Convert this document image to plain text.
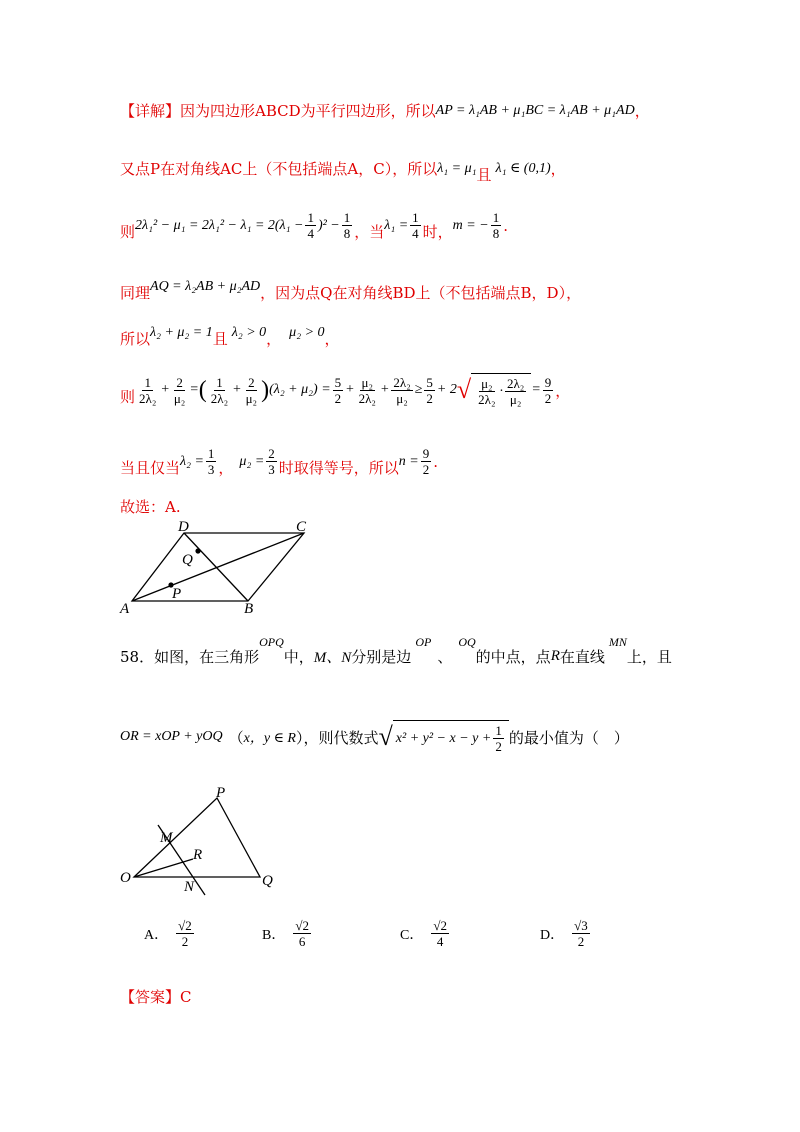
【详解】 因为四边形ABCD为平行四边形，所以 AP = λ₁AB + μ₁BC = λ₁AB + μ₁AD ，
又点P在对角线AC上（不包括端点A，C），所以 λ₁ = μ₁ 且 λ₁ ∈ (0,1) ，
则 $2\lambda_1^2 - \mu_1 = 2\lambda_1^2 - \lambda_1 = 2(\lambda_1 - \frac{1}{4} )^2 - \frac{1}{8}$ ，当 $\lambda_1 = \frac{1}{4}$ 时， m = − $\frac{1}{8}$ .
同理 AQ = λ₂AB + μ₂AD ，因为点Q在对角线BD上（不包括端点B，D），
所以 λ₂ + μ₂ = 1 且 λ₂ > 0 ， μ₂ > 0 ，
则 $\frac{1}{\text{2λ₂}} + \frac{2}{\text{μ₂}}$ = ( $\frac{1}{\text{2λ₂}} + \frac{2}{\text{μ₂}}$ ) $(\lambda_2 + \mu_2) = \frac{5}{2} + \frac{\text{μ₂}}{\text{2λ₂}} + \frac{\text{2λ₂}}{\text{μ₂}} \ge \frac{5}{2} + 2$ √ $\frac{\text{μ₂}}{\text{2λ₂}} \cdot \frac{\text{2λ₂}}{\text{μ₂}} = \frac{9}{2}$ ，
当且仅当 $\lambda_2 = \frac{1}{3}$ ， $\mu_2 = \frac{2}{3}$ 时取得等号，所以 $n = \frac{9}{2}$ .
故选：A.
A	B
C
D
P
Q
58．如图，在三角形
OPQ
中， M、N 分别是边
OP
、
OQ
的中点，点 R 在直线
MN
上，且
OR = xOP + yOQ （ x，y ∈ R ），则代数式 √ $x^2 + y^2 - x - y + \frac{1}{2}$ 的最小值为（　）
O
P
Q
M
N
R
A． $\frac{√2}{2}$	B． $\frac{√2}{6}$	C． $\frac{√2}{4}$	D． $\frac{√3}{2}$
【答案】 C
